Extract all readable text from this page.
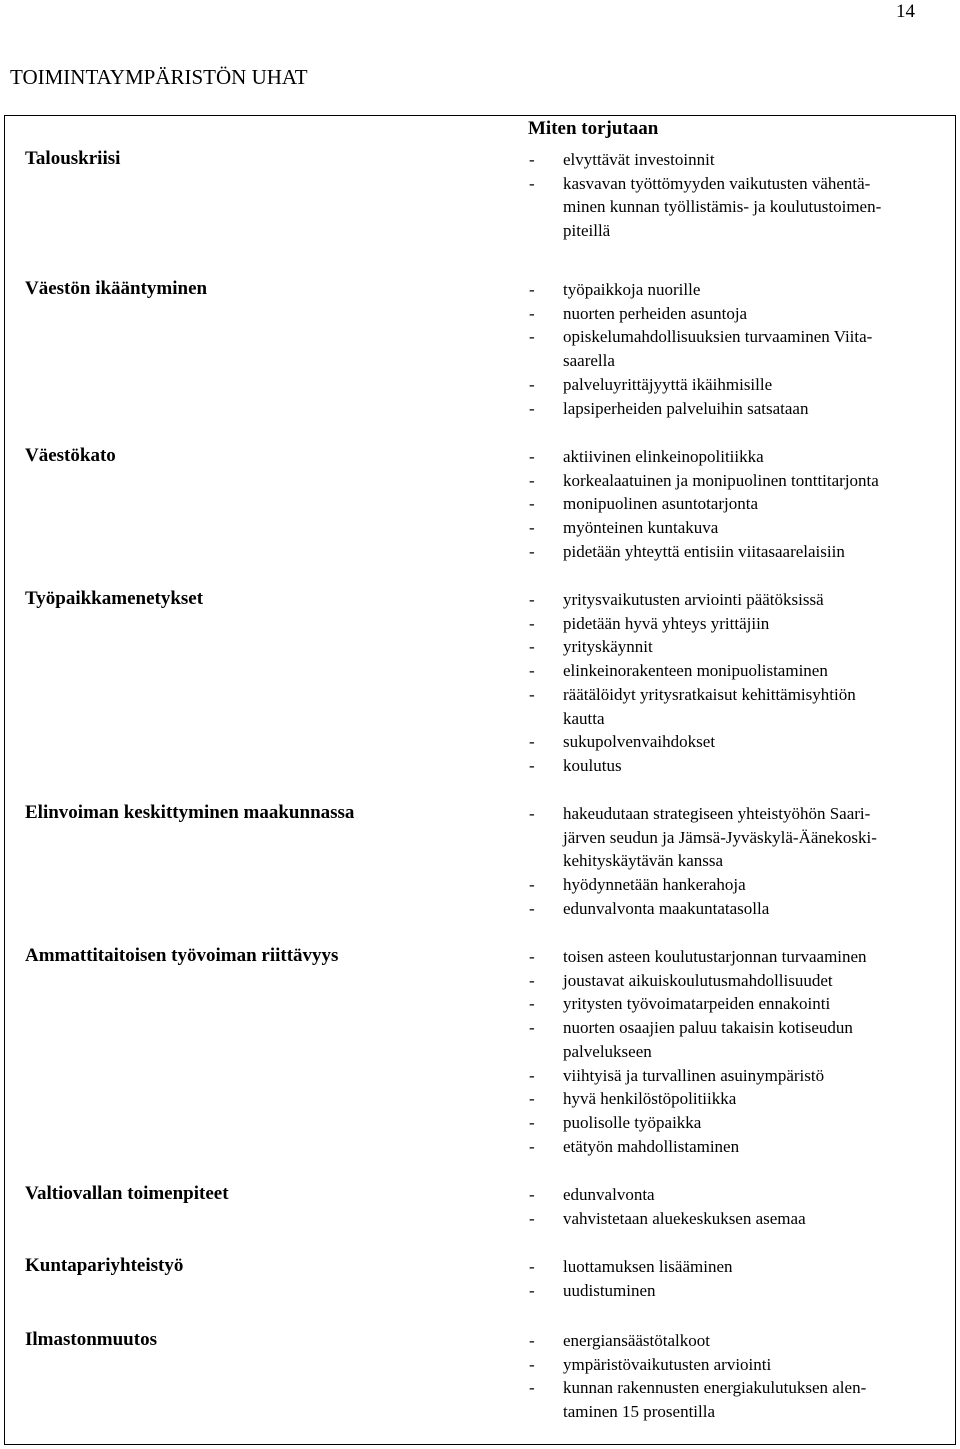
14
TOIMINTAYMPÄRISTÖN UHAT
Miten torjutaan
Talouskriisi	-	elvyttävät investoinnit
-	kasvavan työttömyyden vaikutusten vähentä-
minen kunnan työllistämis- ja koulutustoimen-
piteillä
Väestön ikääntyminen	-	työpaikkoja nuorille
-	nuorten perheiden asuntoja
-	opiskelumahdollisuuksien turvaaminen Viita-
saarella
-	palveluyrittäjyyttä ikäihmisille
-	lapsiperheiden palveluihin satsataan
Väestökato	-	aktiivinen elinkeinopolitiikka
-	korkealaatuinen ja monipuolinen tonttitarjonta
-	monipuolinen asuntotarjonta
-	myönteinen kuntakuva
-	pidetään yhteyttä entisiin viitasaarelaisiin
Työpaikkamenetykset	-	yritysvaikutusten arviointi päätöksissä
-	pidetään hyvä yhteys yrittäjiin
-	yrityskäynnit
-	elinkeinorakenteen monipuolistaminen
-	räätälöidyt yritysratkaisut kehittämisyhtiön
kautta
-	sukupolvenvaihdokset
-	koulutus
Elinvoiman keskittyminen maakunnassa	-	hakeudutaan strategiseen yhteistyöhön Saari-
järven seudun ja Jämsä-Jyväskylä-Äänekoski-
kehityskäytävän kanssa
-	hyödynnetään hankerahoja
-	edunvalvonta maakuntatasolla
Ammattitaitoisen työvoiman riittävyys	-	toisen asteen koulutustarjonnan turvaaminen
-	joustavat aikuiskoulutusmahdollisuudet
-	yritysten työvoimatarpeiden ennakointi
-	nuorten osaajien paluu takaisin kotiseudun
palvelukseen
-	viihtyisä ja turvallinen asuinympäristö
-	hyvä henkilöstöpolitiikka
-	puolisolle työpaikka
-	etätyön mahdollistaminen
Valtiovallan toimenpiteet	-	edunvalvonta
-	vahvistetaan aluekeskuksen asemaa
Kuntapariyhteistyö	-	luottamuksen lisääminen
-	uudistuminen
Ilmastonmuutos	-	energiansäästötalkoot
-	ympäristövaikutusten arviointi
-	kunnan rakennusten energiakulutuksen alen-
taminen 15 prosentilla
